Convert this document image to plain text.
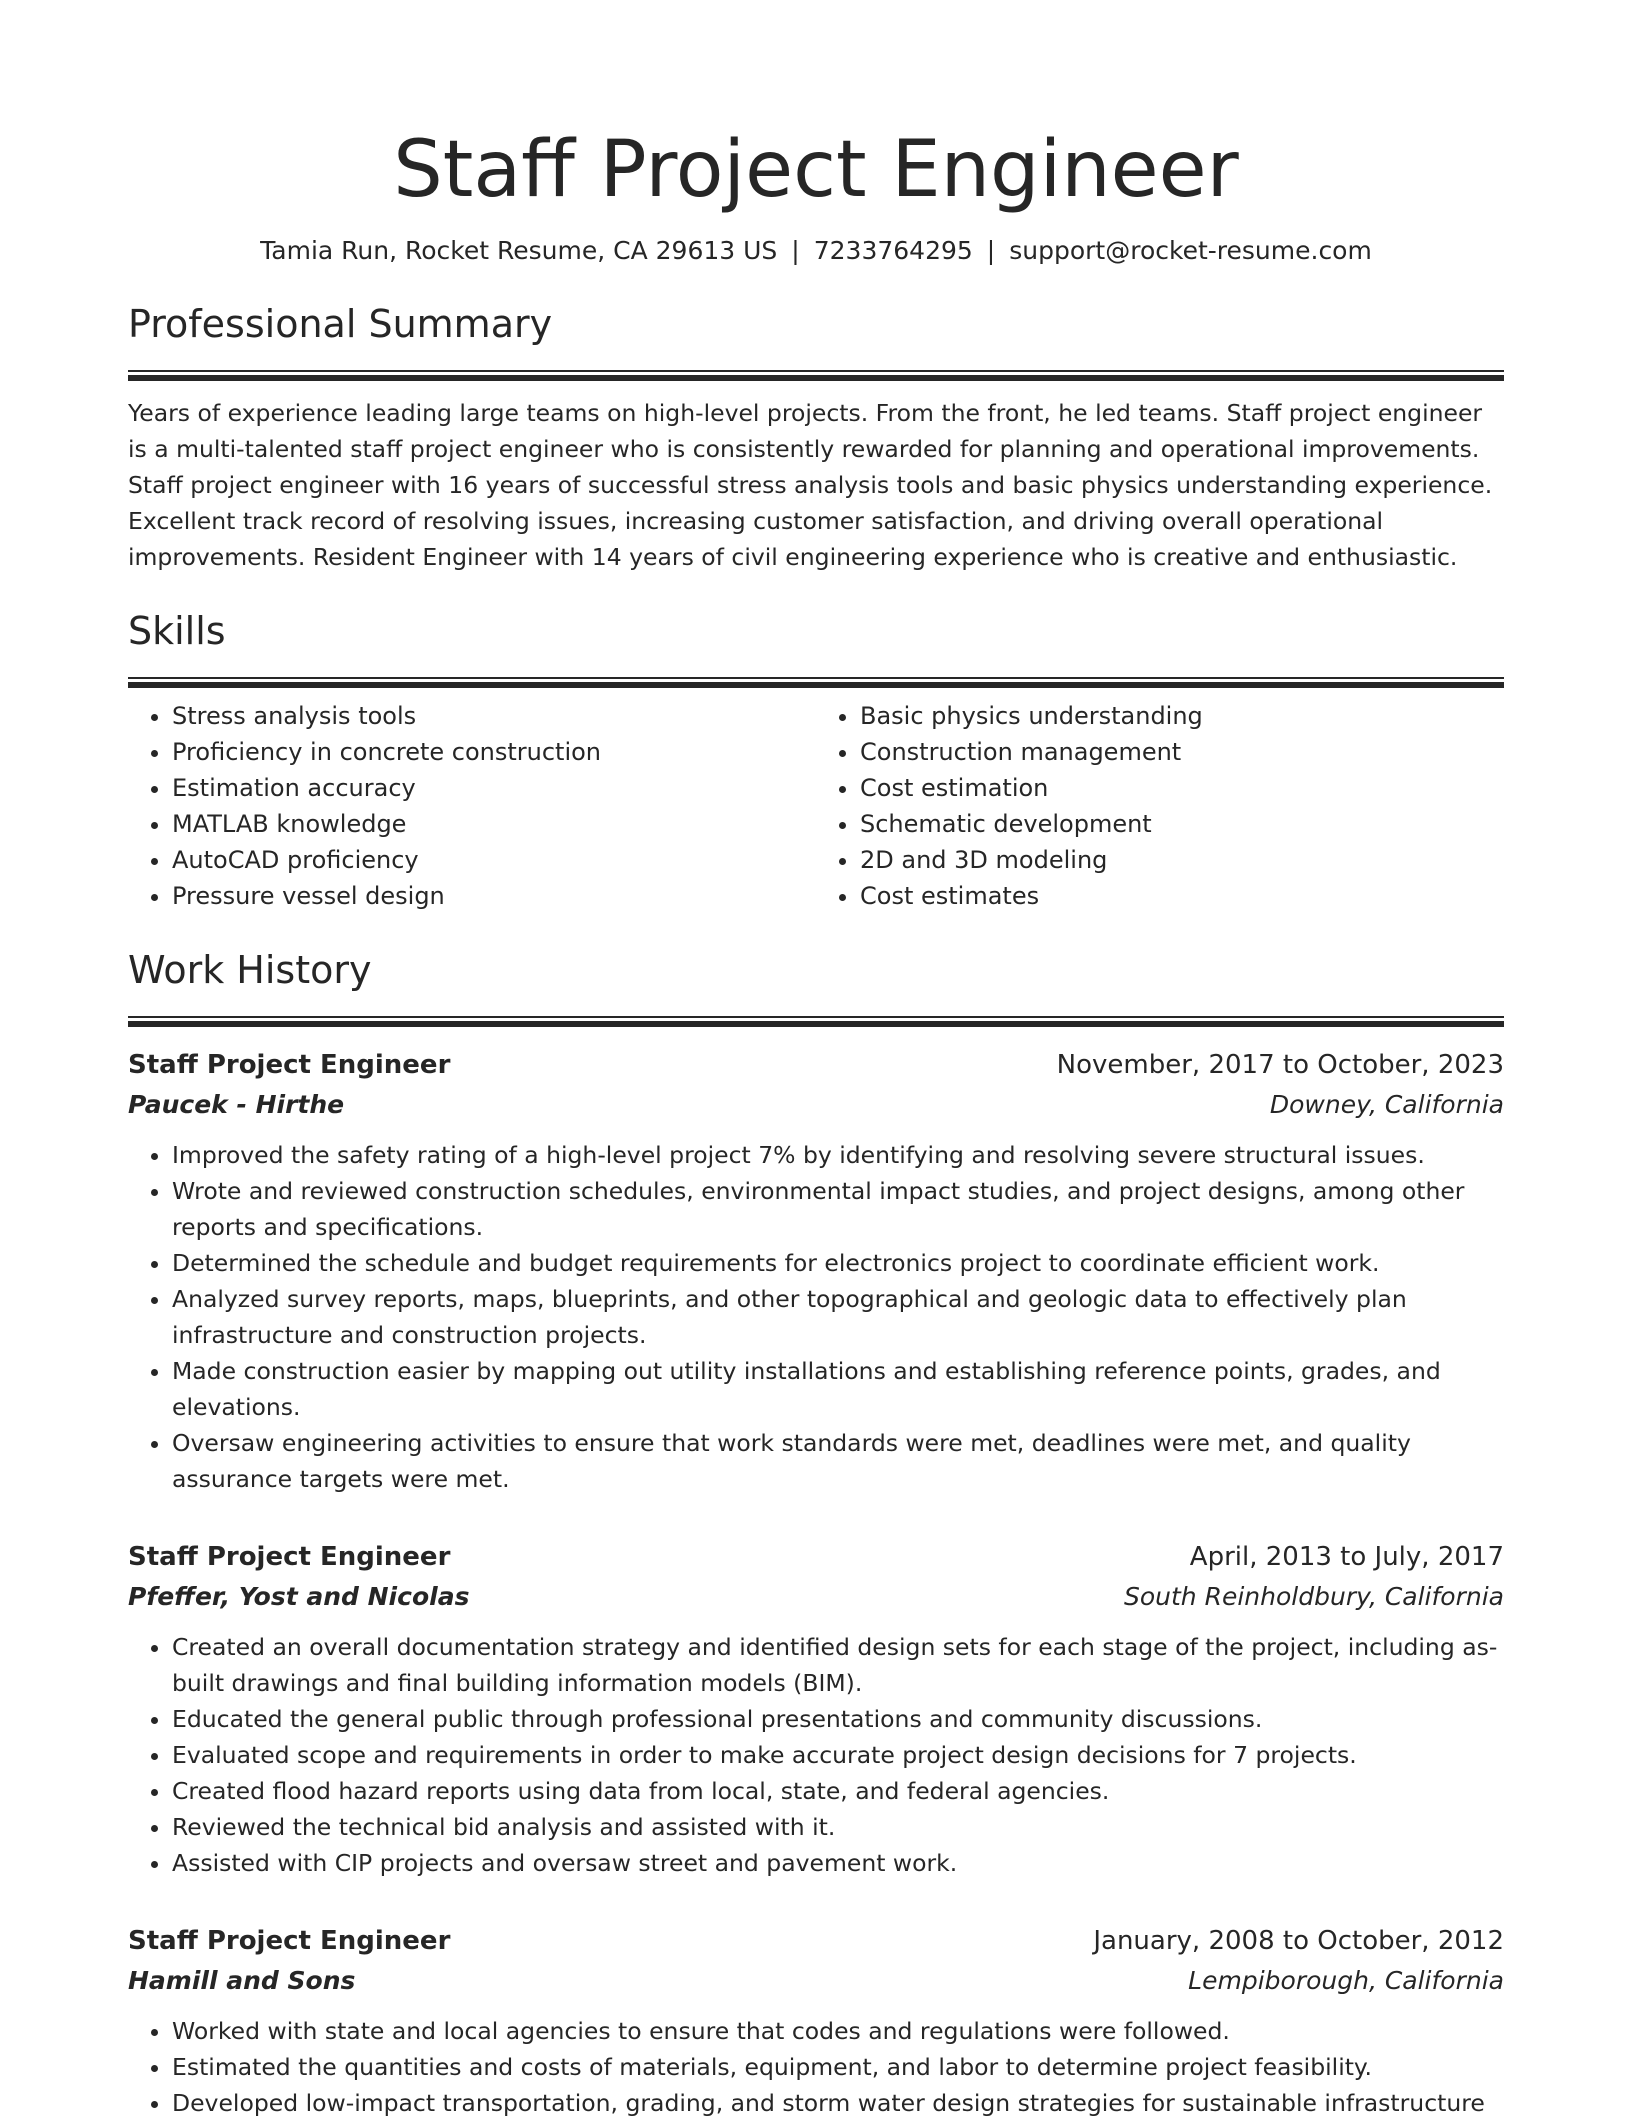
Staff Project Engineer
Tamia Run, Rocket Resume, CA 29613 US | 7233764295 | support@rocket-resume.com
Professional Summary

Years of experience leading large teams on high-level projects. From the front, he led teams. Staff project engineer is a multi-talented staff project engineer who is consistently rewarded for planning and operational improvements. Staff project engineer with 16 years of successful stress analysis tools and basic physics understanding experience. Excellent track record of resolving issues, increasing customer satisfaction, and driving overall operational improvements. Resident Engineer with 14 years of civil engineering experience who is creative and enthusiastic.

Skills
• Stress analysis tools
• Proficiency in concrete construction
• Estimation accuracy
• MATLAB knowledge
• AutoCAD proficiency
• Pressure vessel design
• Basic physics understanding
• Construction management
• Cost estimation
• Schematic development
• 2D and 3D modeling
• Cost estimates
Work History
Staff Project Engineer	November, 2017 to October, 2023
Paucek - Hirthe	Downey, California
• Improved the safety rating of a high-level project 7% by identifying and resolving severe structural issues.
• Wrote and reviewed construction schedules, environmental impact studies, and project designs, among other reports and specifications.
• Determined the schedule and budget requirements for electronics project to coordinate efficient work.
• Analyzed survey reports, maps, blueprints, and other topographical and geologic data to effectively plan infrastructure and construction projects.
• Made construction easier by mapping out utility installations and establishing reference points, grades, and elevations.
• Oversaw engineering activities to ensure that work standards were met, deadlines were met, and quality assurance targets were met.
Staff Project Engineer	April, 2013 to July, 2017
Pfeffer, Yost and Nicolas	South Reinholdbury, California
• Created an overall documentation strategy and identified design sets for each stage of the project, including as-built drawings and final building information models (BIM).
• Educated the general public through professional presentations and community discussions.
• Evaluated scope and requirements in order to make accurate project design decisions for 7 projects.
• Created flood hazard reports using data from local, state, and federal agencies.
• Reviewed the technical bid analysis and assisted with it.
• Assisted with CIP projects and oversaw street and pavement work.
Staff Project Engineer	January, 2008 to October, 2012
Hamill and Sons	Lempiborough, California
• Worked with state and local agencies to ensure that codes and regulations were followed.
• Estimated the quantities and costs of materials, equipment, and labor to determine project feasibility.
• Developed low-impact transportation, grading, and storm water design strategies for sustainable infrastructure
